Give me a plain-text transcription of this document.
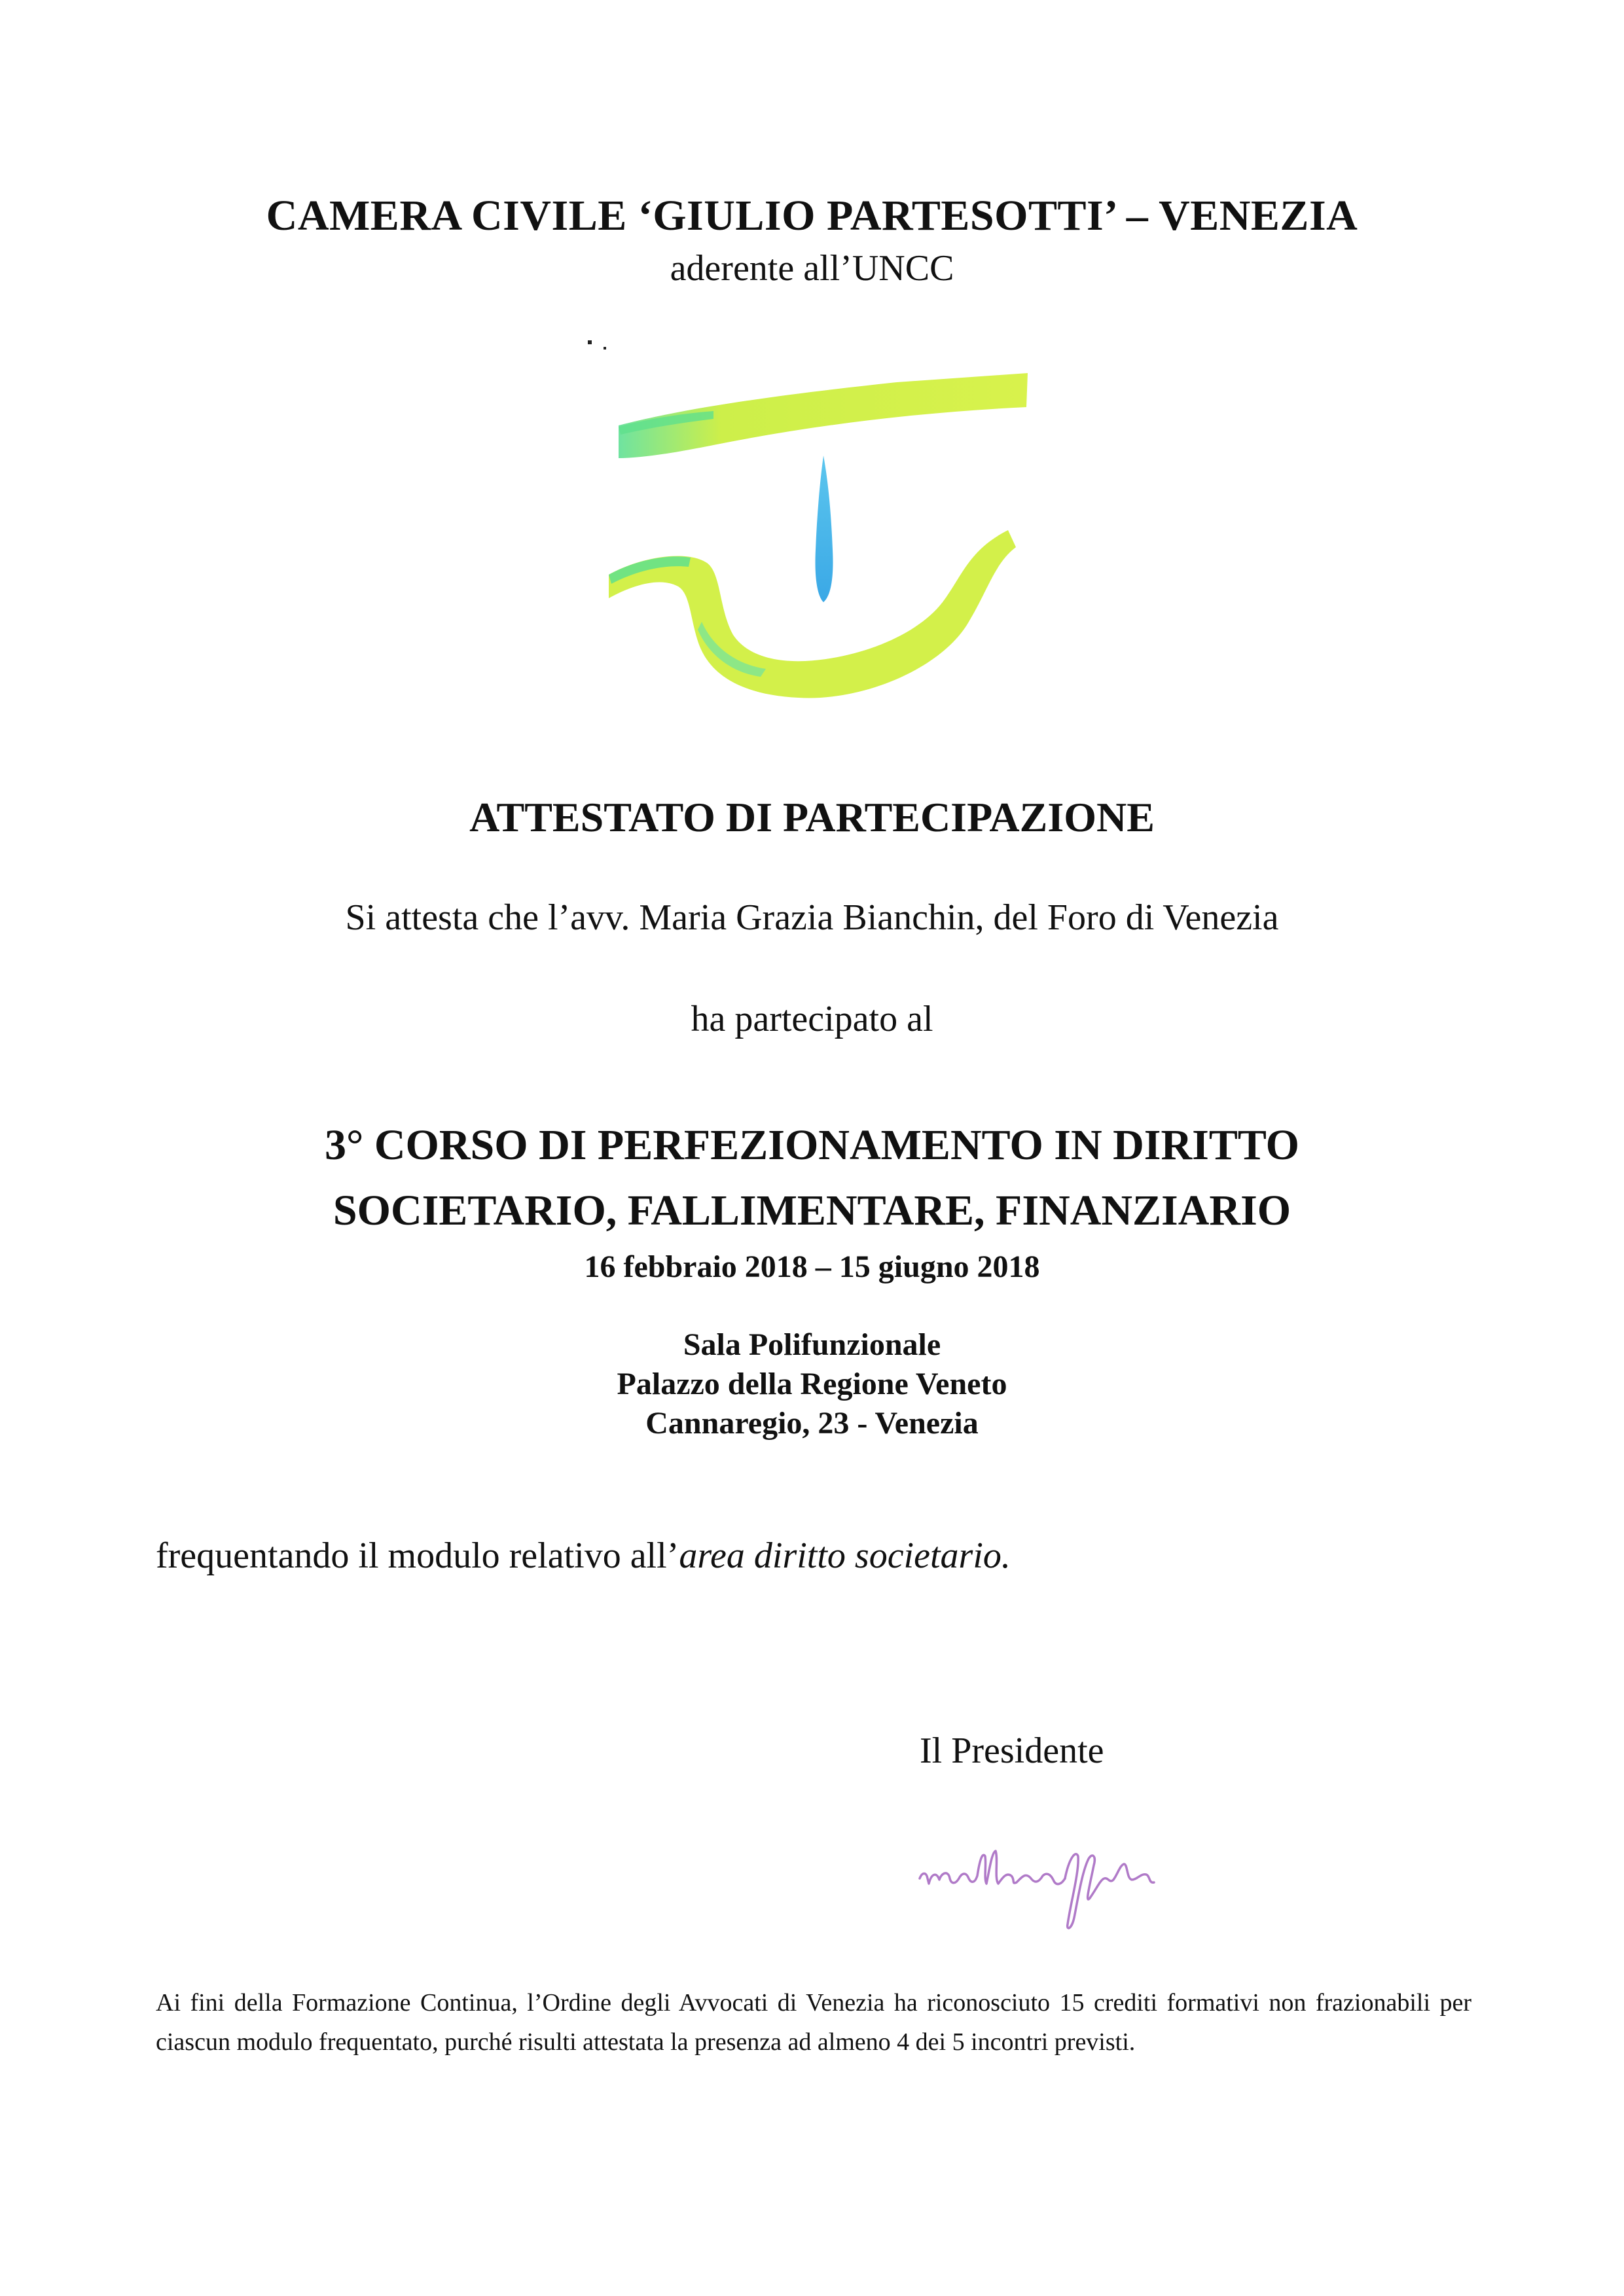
CAMERA CIVILE ‘GIULIO PARTESOTTI’ – VENEZIA
aderente all’UNCC
ATTESTATO DI PARTECIPAZIONE
Si attesta che l’avv. Maria Grazia Bianchin, del Foro di Venezia
ha partecipato al
3° CORSO DI PERFEZIONAMENTO IN DIRITTO
SOCIETARIO, FALLIMENTARE, FINANZIARIO
16 febbraio 2018 – 15 giugno 2018
Sala Polifunzionale
Palazzo della Regione Veneto
Cannaregio, 23 - Venezia
frequentando il modulo relativo all’area diritto societario.
Il Presidente
Ai fini della Formazione Continua, l’Ordine degli Avvocati di Venezia ha riconosciuto 15 crediti formativi non frazionabili per ciascun modulo frequentato, purché risulti attestata la presenza ad almeno 4 dei 5 incontri previsti.
